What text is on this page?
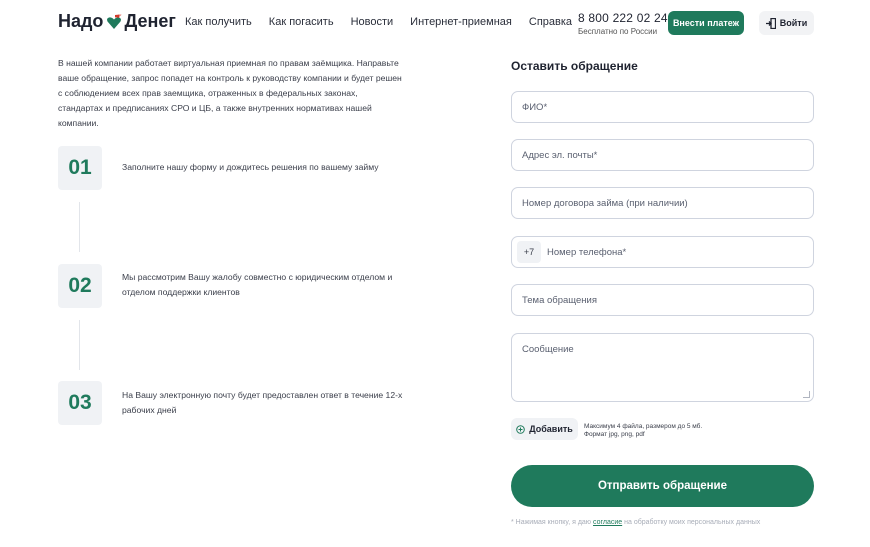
Надо Денег Как получить Как погасить Новости Интернет-приемная Справка 8 800 222 02 24
Бесплатно по России
Внести платеж	Войти
В нашей компании работает виртуальная приемная по правам заёмщика. Направьте ваше обращение, запрос попадет на контроль к руководству компании и будет решен с соблюдением всех прав заемщика, отраженных в федеральных законах, стандартах и предписаниях СРО и ЦБ, а также внутренних нормативах нашей компании.
01	Заполните нашу форму и дождитесь решения по вашему займу
02	Мы рассмотрим Вашу жалобу совместно с юридическим отделом и отделом поддержки клиентов
03	На Вашу электронную почту будет предоставлен ответ в течение 12-х рабочих дней
Оставить обращение
ФИО*
Адрес эл. почты*
Номер договора займа (при наличии)
+7	Номер телефона*
Тема обращения
Сообщение
Добавить Максимум 4 файла, размером до 5 мб.
Формат jpg, png, pdf
Отправить обращение
* Нажимая кнопку, я даю согласие на обработку моих персональных данных
